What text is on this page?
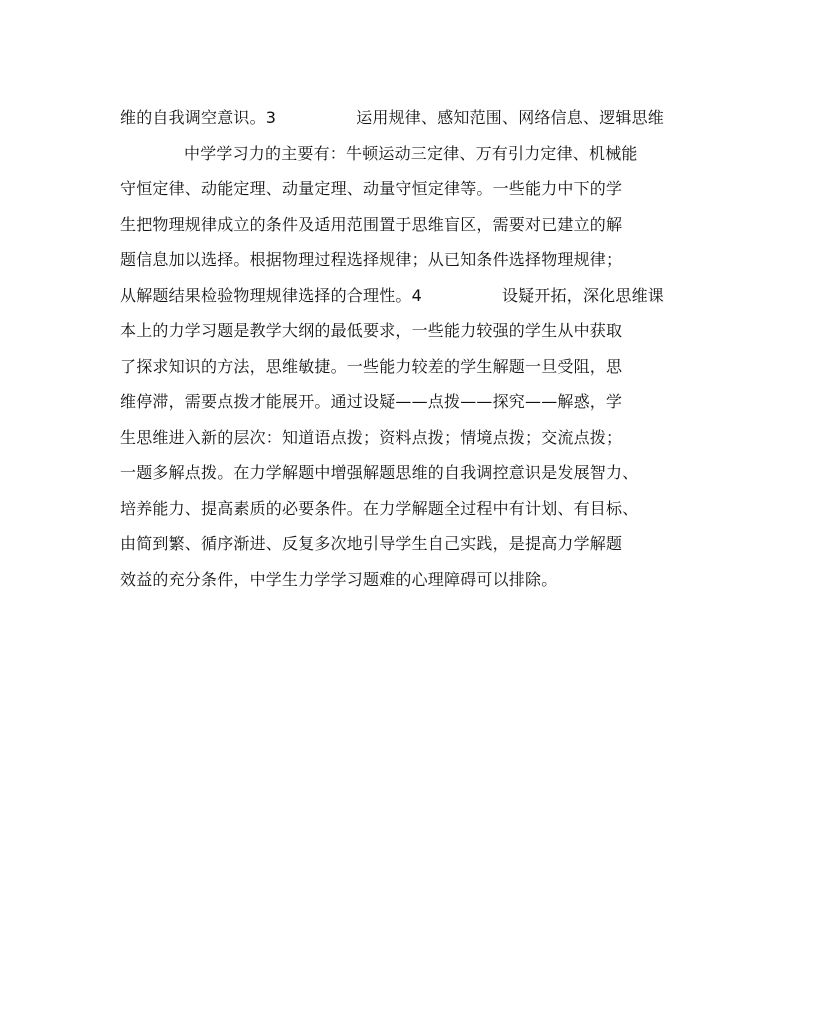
维的自我调空意识。3	运用规律、感知范围、网络信息、逻辑思维
中学学习力的主要有：牛顿运动三定律、万有引力定律、机械能
守恒定律、动能定理、动量定理、动量守恒定律等。一些能力中下的学
生把物理规律成立的条件及适用范围置于思维盲区，需要对已建立的解
题信息加以选择。根据物理过程选择规律；从已知条件选择物理规律；
从解题结果检验物理规律选择的合理性。4	设疑开拓，深化思维课
本上的力学习题是教学大纲的最低要求，一些能力较强的学生从中获取
了探求知识的方法，思维敏捷。一些能力较差的学生解题一旦受阻，思
维停滞，需要点拨才能展开。通过设疑——点拨——探究——解惑，学
生思维进入新的层次：知道语点拨；资料点拨；情境点拨；交流点拨；
一题多解点拨。在力学解题中增强解题思维的自我调控意识是发展智力、
培养能力、提高素质的必要条件。在力学解题全过程中有计划、有目标、
由简到繁、循序渐进、反复多次地引导学生自己实践，是提高力学解题
效益的充分条件，中学生力学学习题难的心理障碍可以排除。
